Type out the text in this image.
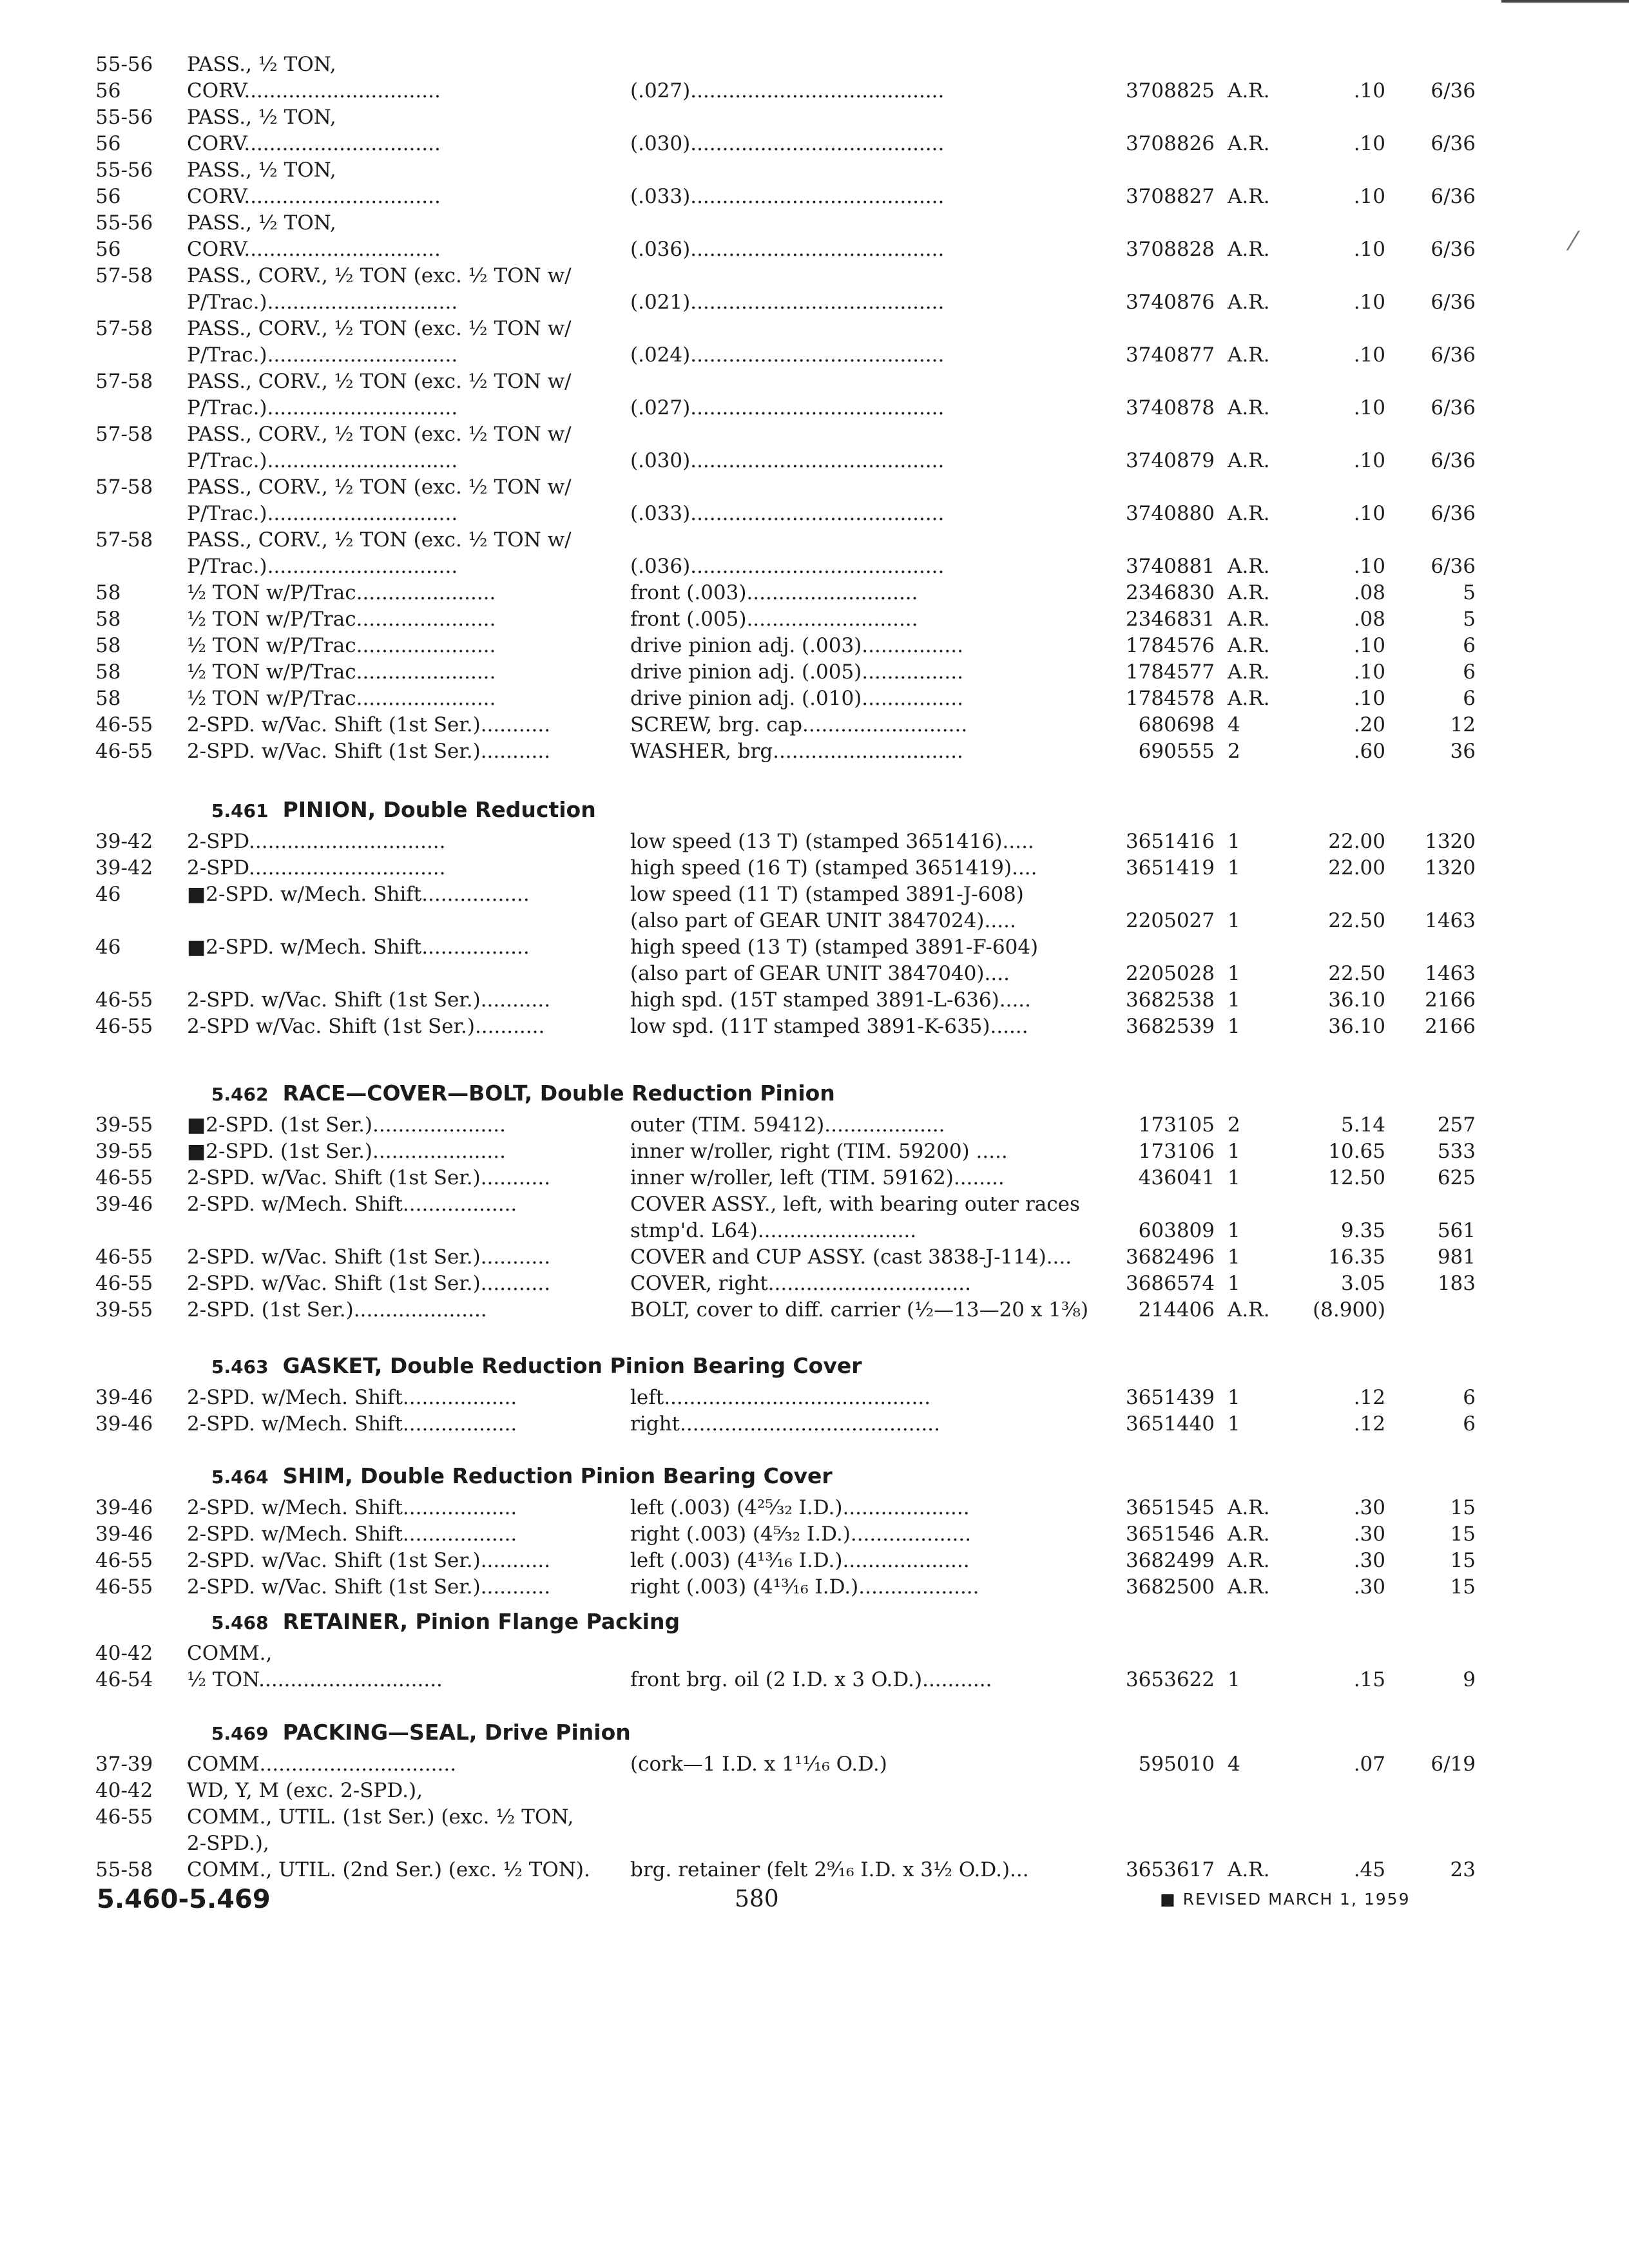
⁄
55-56	PASS., ½ TON,
56	CORV...............................	(.027)........................................	3708825 A.R.	.10	6/36
55-56	PASS., ½ TON,
56	CORV...............................	(.030)........................................	3708826 A.R.	.10	6/36
55-56	PASS., ½ TON,
56	CORV...............................	(.033)........................................	3708827 A.R.	.10	6/36
55-56	PASS., ½ TON,
56	CORV...............................	(.036)........................................	3708828 A.R.	.10	6/36
57-58	PASS., CORV., ½ TON (exc. ½ TON w/
P/Trac.)..............................	(.021)........................................	3740876 A.R.	.10	6/36
57-58	PASS., CORV., ½ TON (exc. ½ TON w/
P/Trac.)..............................	(.024)........................................	3740877 A.R.	.10	6/36
57-58	PASS., CORV., ½ TON (exc. ½ TON w/
P/Trac.)..............................	(.027)........................................	3740878 A.R.	.10	6/36
57-58	PASS., CORV., ½ TON (exc. ½ TON w/
P/Trac.)..............................	(.030)........................................	3740879 A.R.	.10	6/36
57-58	PASS., CORV., ½ TON (exc. ½ TON w/
P/Trac.)..............................	(.033)........................................	3740880 A.R.	.10	6/36
57-58	PASS., CORV., ½ TON (exc. ½ TON w/
P/Trac.)..............................	(.036)........................................	3740881 A.R.	.10	6/36
58	½ TON w/P/Trac......................	front (.003)...........................	2346830 A.R.	.08	5
58	½ TON w/P/Trac......................	front (.005)...........................	2346831 A.R.	.08	5
58	½ TON w/P/Trac......................	drive pinion adj. (.003)................	1784576 A.R.	.10	6
58	½ TON w/P/Trac......................	drive pinion adj. (.005)................	1784577 A.R.	.10	6
58	½ TON w/P/Trac......................	drive pinion adj. (.010)................	1784578 A.R.	.10	6
46-55	2-SPD. w/Vac. Shift (1st Ser.)...........	SCREW, brg. cap..........................	680698 4	.20	12
46-55	2-SPD. w/Vac. Shift (1st Ser.)...........	WASHER, brg..............................	690555 2	.60	36
5.461 PINION, Double Reduction
39-42	2-SPD...............................	low speed (13 T) (stamped 3651416).....	3651416 1	22.00	1320
39-42	2-SPD...............................	high speed (16 T) (stamped 3651419)....	3651419 1	22.00	1320
46	■2-SPD. w/Mech. Shift.................	low speed (11 T) (stamped 3891-J-608)
(also part of GEAR UNIT 3847024).....	2205027 1	22.50	1463
46	■2-SPD. w/Mech. Shift.................	high speed (13 T) (stamped 3891-F-604)
(also part of GEAR UNIT 3847040)....	2205028 1	22.50	1463
46-55	2-SPD. w/Vac. Shift (1st Ser.)...........	high spd. (15T stamped 3891-L-636).....	3682538 1	36.10	2166
46-55	2-SPD w/Vac. Shift (1st Ser.)...........	low spd. (11T stamped 3891-K-635)......	3682539 1	36.10	2166
5.462 RACE—COVER—BOLT, Double Reduction Pinion
39-55	■2-SPD. (1st Ser.).....................	outer (TIM. 59412)...................	173105 2	5.14	257
39-55	■2-SPD. (1st Ser.).....................	inner w/roller, right (TIM. 59200) .....	173106 1	10.65	533
46-55	2-SPD. w/Vac. Shift (1st Ser.)...........	inner w/roller, left (TIM. 59162)........	436041 1	12.50	625
39-46	2-SPD. w/Mech. Shift..................	COVER ASSY., left, with bearing outer races
stmp'd. L64).........................	603809 1	9.35	561
46-55	2-SPD. w/Vac. Shift (1st Ser.)...........	COVER and CUP ASSY. (cast 3838-J-114)....	3682496 1	16.35	981
46-55	2-SPD. w/Vac. Shift (1st Ser.)...........	COVER, right................................	3686574 1	3.05	183
39-55	2-SPD. (1st Ser.).....................	BOLT, cover to diff. carrier (½—13—20 x 1⅜)	214406 A.R.	(8.900)
5.463 GASKET, Double Reduction Pinion Bearing Cover
39-46	2-SPD. w/Mech. Shift..................	left..........................................	3651439 1	.12	6
39-46	2-SPD. w/Mech. Shift..................	right.........................................	3651440 1	.12	6
5.464 SHIM, Double Reduction Pinion Bearing Cover
39-46	2-SPD. w/Mech. Shift..................	left (.003) (4²⁵⁄₃₂ I.D.)....................	3651545 A.R.	.30	15
39-46	2-SPD. w/Mech. Shift..................	right (.003) (4⁵⁄₃₂ I.D.)...................	3651546 A.R.	.30	15
46-55	2-SPD. w/Vac. Shift (1st Ser.)...........	left (.003) (4¹³⁄₁₆ I.D.)....................	3682499 A.R.	.30	15
46-55	2-SPD. w/Vac. Shift (1st Ser.)...........	right (.003) (4¹³⁄₁₆ I.D.)...................	3682500 A.R.	.30	15
5.468 RETAINER, Pinion Flange Packing
40-42	COMM.,
46-54	½ TON.............................	front brg. oil (2 I.D. x 3 O.D.)...........	3653622 1	.15	9
5.469 PACKING—SEAL, Drive Pinion
37-39	COMM...............................	(cork—1 I.D. x 1¹¹⁄₁₆ O.D.)	595010 4	.07	6/19
40-42	WD, Y, M (exc. 2-SPD.),
46-55	COMM., UTIL. (1st Ser.) (exc. ½ TON,
2-SPD.),
55-58	COMM., UTIL. (2nd Ser.) (exc. ½ TON).	brg. retainer (felt 2⁹⁄₁₆ I.D. x 3½ O.D.)...	3653617 A.R.	.45	23
5.460-5.469	580	■ REVISED MARCH 1, 1959
